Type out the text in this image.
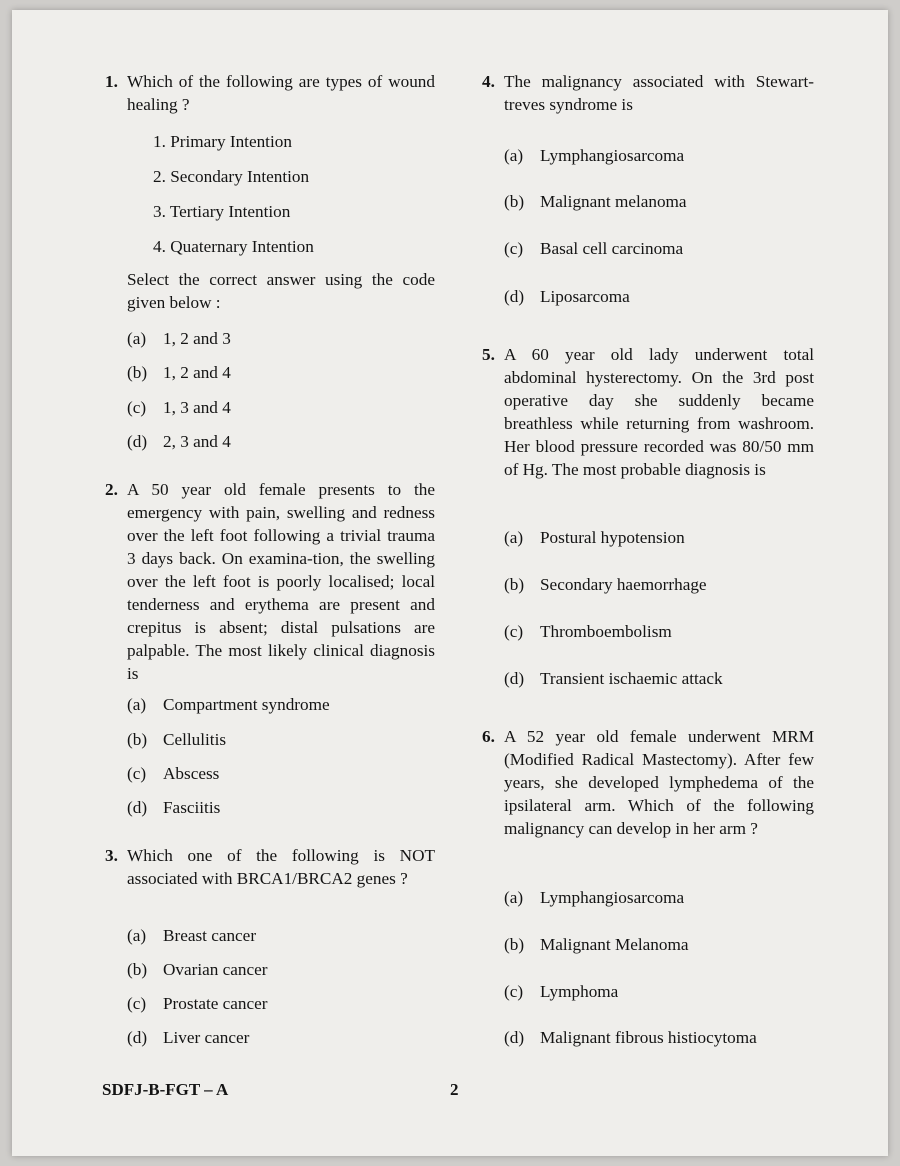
1. Which of the following are types of wound healing ?
1. Primary Intention
2. Secondary Intention
3. Tertiary Intention
4. Quaternary Intention
Select the correct answer using the code given below :
(a) 1, 2 and 3
(b) 1, 2 and 4
(c) 1, 3 and 4
(d) 2, 3 and 4
2. A 50 year old female presents to the emergency with pain, swelling and redness over the left foot following a trivial trauma 3 days back. On examina-tion, the swelling over the left foot is poorly localised; local tenderness and erythema are present and crepitus is absent; distal pulsations are palpable. The most likely clinical diagnosis is
(a) Compartment syndrome
(b) Cellulitis
(c) Abscess
(d) Fasciitis
3. Which one of the following is NOT associated with BRCA1/BRCA2 genes ?
(a) Breast cancer
(b) Ovarian cancer
(c) Prostate cancer
(d) Liver cancer
4. The malignancy associated with Stewart-treves syndrome is
(a) Lymphangiosarcoma
(b) Malignant melanoma
(c) Basal cell carcinoma
(d) Liposarcoma
5. A 60 year old lady underwent total abdominal hysterectomy. On the 3rd post operative day she suddenly became breathless while returning from washroom. Her blood pressure recorded was 80/50 mm of Hg. The most probable diagnosis is
(a) Postural hypotension
(b) Secondary haemorrhage
(c) Thromboembolism
(d) Transient ischaemic attack
6. A 52 year old female underwent MRM (Modified Radical Mastectomy). After few years, she developed lymphedema of the ipsilateral arm. Which of the following malignancy can develop in her arm ?
(a) Lymphangiosarcoma
(b) Malignant Melanoma
(c) Lymphoma
(d) Malignant fibrous histiocytoma
SDFJ-B-FGT – A	2
